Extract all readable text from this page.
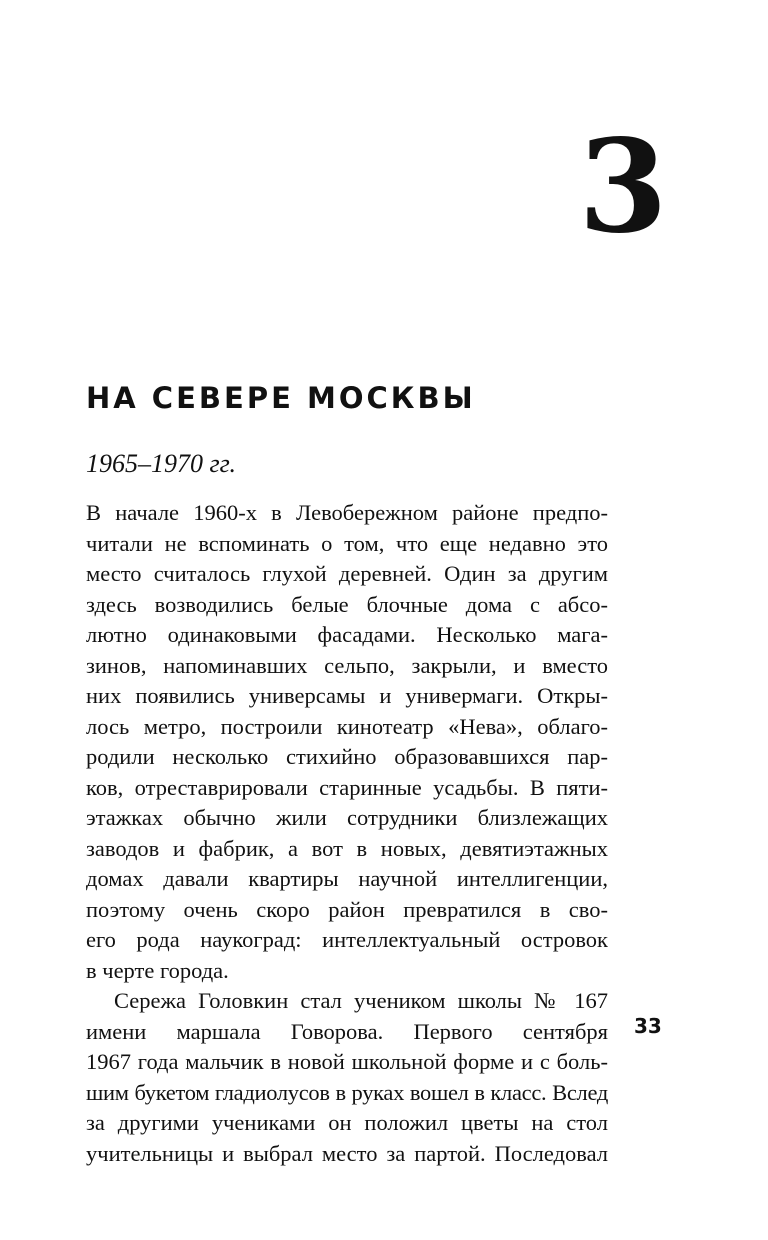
3
НА СЕВЕРЕ МОСКВЫ
1965–1970 гг.
В начале 1960-х в Левобережном районе предпо-
читали не вспоминать о том, что еще недавно это
место считалось глухой деревней. Один за другим
здесь возводились белые блочные дома с абсо-
лютно одинаковыми фасадами. Несколько мага-
зинов, напоминавших сельпо, закрыли, и вместо
них появились универсамы и универмаги. Откры-
лось метро, построили кинотеатр «Нева», облаго-
родили несколько стихийно образовавшихся пар-
ков, отреставрировали старинные усадьбы. В пяти-
этажках обычно жили сотрудники близлежащих
заводов и фабрик, а вот в новых, девятиэтажных
домах давали квартиры научной интеллигенции,
поэтому очень скоро район превратился в сво-
его рода наукоград: интеллектуальный островок
в черте города.
Сережа Головкин стал учеником школы № 167
имени маршала Говорова. Первого сентября
1967 года мальчик в новой школьной форме и с боль-
шим букетом гладиолусов в руках вошел в класс. Вслед
за другими учениками он положил цветы на стол
учительницы и выбрал место за партой. Последовал
33
